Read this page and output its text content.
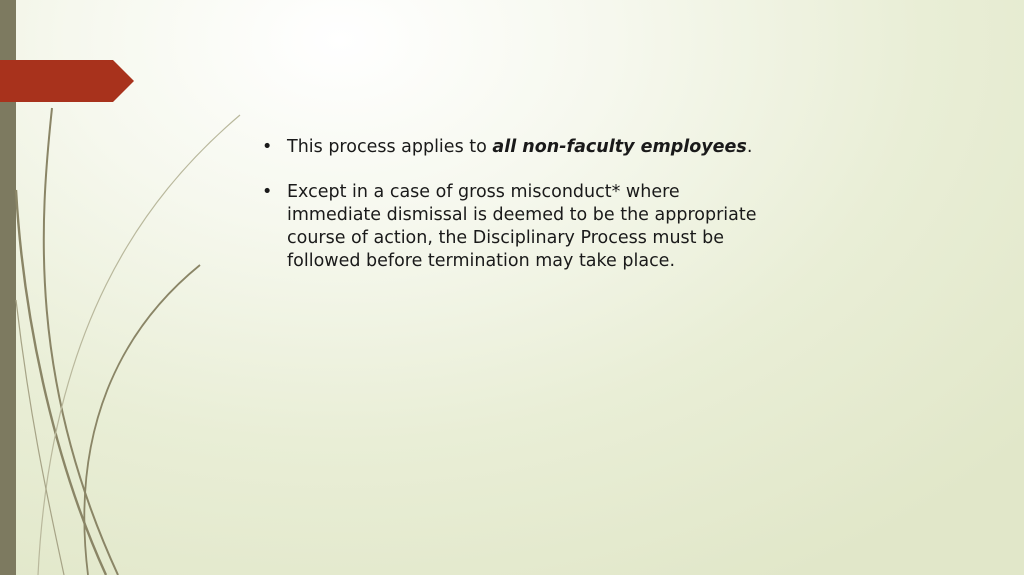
• This process applies to all non-faculty employees.
• Except in a case of gross misconduct* where immediate dismissal is deemed to be the appropriate course of action, the Disciplinary Process must be followed before termination may take place.
